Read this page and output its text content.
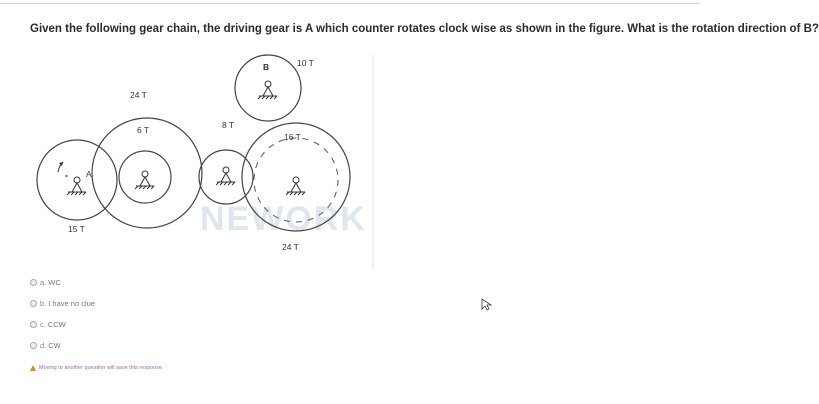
Given the following gear chain, the driving gear is A which counter rotates clock wise as shown in the figure. What is the rotation direction of B?
NEWORK
24 T
6 T	8 T
10 T
B
16 T
A
15 T
24 T
a. WC
b. I have no clue
c. CCW
d. CW
Moving to another question will save this response.
